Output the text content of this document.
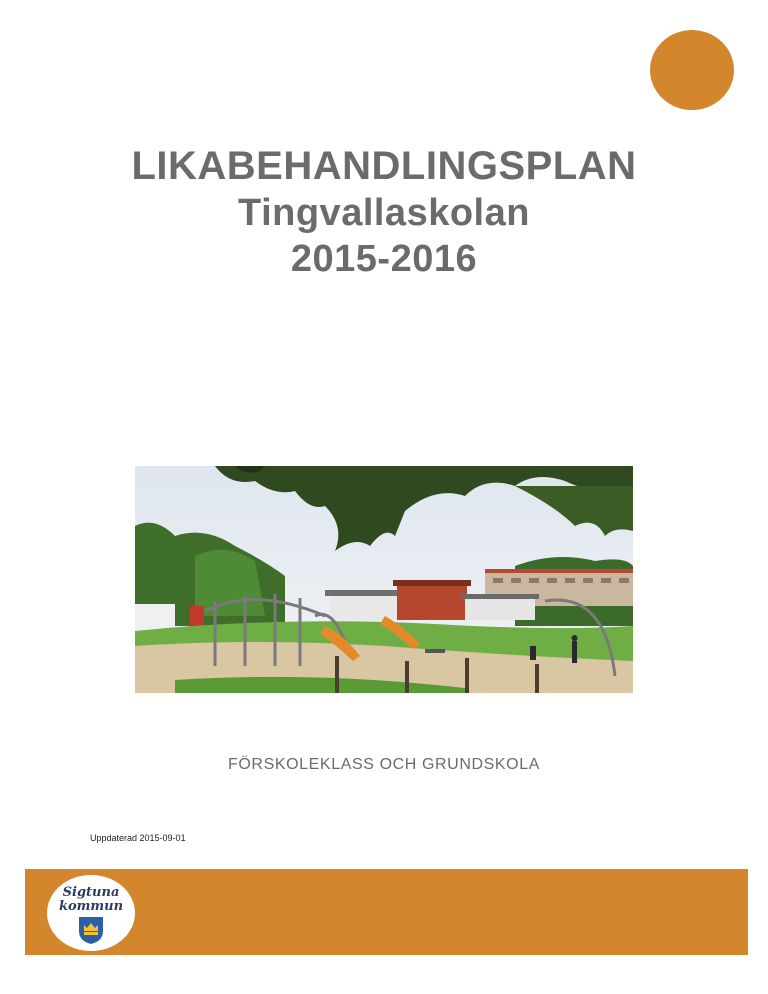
LIKABEHANDLINGSPLAN
Tingvallaskolan
2015-2016
FÖRSKOLEKLASS OCH GRUNDSKOLA
Uppdaterad 2015-09-01
Sigtuna
kommun
